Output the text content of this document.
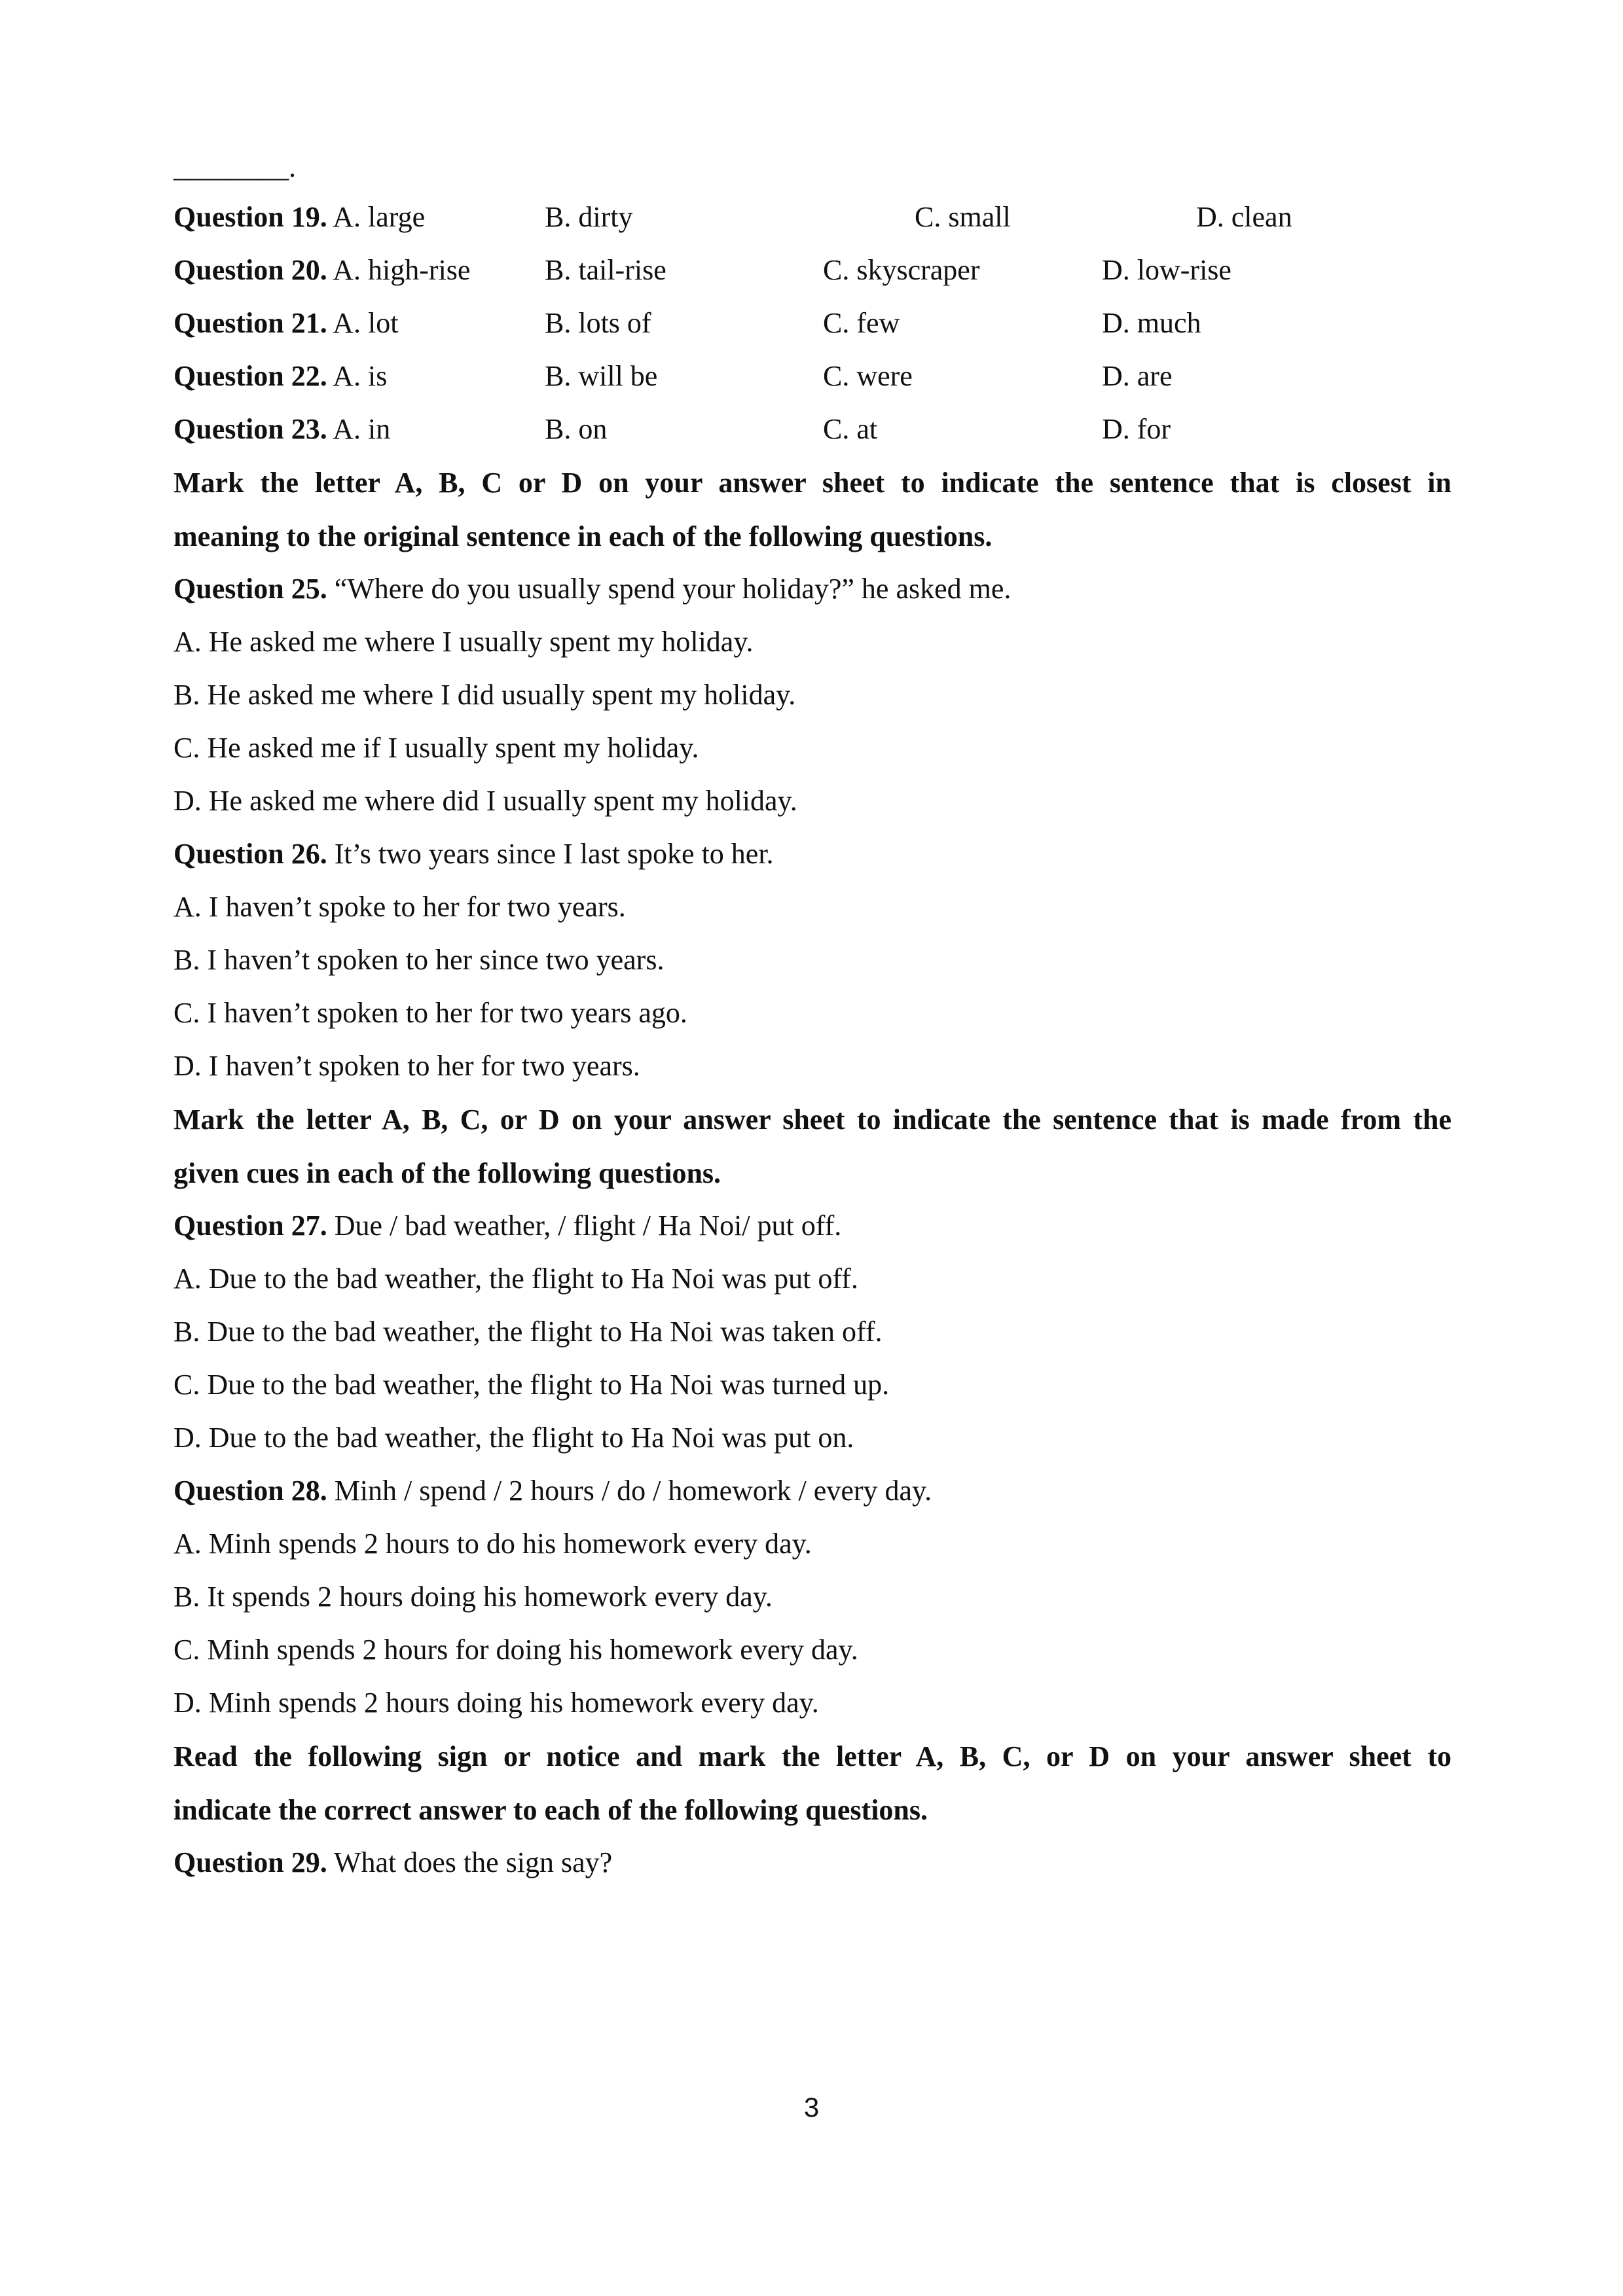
________.
Question 19. A. large	B. dirty	C. small	D. clean
Question 20. A. high-rise	B. tail-rise	C. skyscraper	D. low-rise
Question 21. A. lot	B. lots of	C. few	D. much
Question 22. A. is	B. will be	C. were	D. are
Question 23. A. in	B. on	C. at	D. for
Mark the letter A, B, C or D on your answer sheet to indicate the sentence that is closest in
meaning to the original sentence in each of the following questions.
Question 25. “Where do you usually spend your holiday?” he asked me.
A. He asked me where I usually spent my holiday.
B. He asked me where I did usually spent my holiday.
C. He asked me if I usually spent my holiday.
D. He asked me where did I usually spent my holiday.
Question 26. It’s two years since I last spoke to her.
A. I haven’t spoke to her for two years.
B. I haven’t spoken to her since two years.
C. I haven’t spoken to her for two years ago.
D. I haven’t spoken to her for two years.
Mark the letter A, B, C, or D on your answer sheet to indicate the sentence that is made from the
given cues in each of the following questions.
Question 27. Due / bad weather, / flight / Ha Noi/ put off.
A. Due to the bad weather, the flight to Ha Noi was put off.
B. Due to the bad weather, the flight to Ha Noi was taken off.
C. Due to the bad weather, the flight to Ha Noi was turned up.
D. Due to the bad weather, the flight to Ha Noi was put on.
Question 28. Minh / spend / 2 hours / do / homework / every day.
A. Minh spends 2 hours to do his homework every day.
B. It spends 2 hours doing his homework every day.
C. Minh spends 2 hours for doing his homework every day.
D. Minh spends 2 hours doing his homework every day.
Read the following sign or notice and mark the letter A, B, C, or D on your answer sheet to
indicate the correct answer to each of the following questions.
Question 29. What does the sign say?
3
